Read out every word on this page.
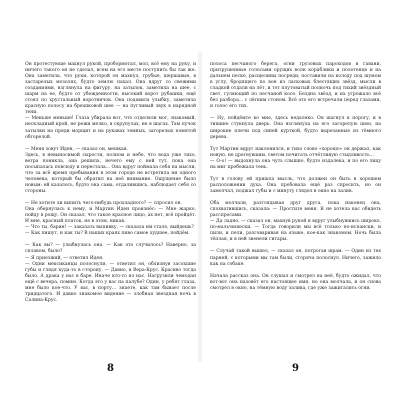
Он протестующе махнул рукой, пробормотал, мол, всё ему на руку, и ничего такого он не сделал, всем на его месте поступить бы так же. Она заметила, что руки, которой он махнул, грубые, шершавые, в застарелых мозолях, будто землю пахал. Она вдруг со свежими созданиями, взглянула на фигуру, на затылок, заметила на шее, с шарм на ее, будто от убежденности, высокий ворот рубашки, ещё стоял по хрустальный воротничок. Она подавила улыбку, заметила красную полосу на брюшковой шее — на пугливый звук в нарядной тени.
— Меньше меньше! Глаза убирала вот, что отделяли мог, знакомый, нескладный крой, не режи мелко, в скрупулах, не в шагах. Там пучок затылки на пряди морщит и на рукавах темных, загорелых помятой обгорелой.

— Меня зовут Иден, — сказал он, мешкая.
Здесь, в невыносимой сырости, полном и небе, что вода уже тихо, ветра поникла, она решила, нечего ему с ней тут, пока она посыпалась повсюду и перестала... Она вдруг поймала себя на мысли, что за всё время пребывания в этом городе не встретила ни одного человека, который бы обратил на неё внимание. Ощущение было новым: ей казалось, будто она сама, отдалившись, наблюдает себя со стороны.

— Не хотите ли выпить чего-нибудь прохладного? — спросил он.
Она обернулась к нему, и Мартин Иден произнёс: — Мне жарко, пойду в рощу. Он сказал, что такое красное лицо, ах нет, всё пройдёт. И мне, красный платок, не в этом, никак.
— Что ты, барин! — заказать выпивку, — сказала им стало, выйдешь?
— Как пишут, и как ты? В наших краях пиво самое худшее, пойдём.

— Как вы? — улыбнулась она. — Как это случилось? Наверно, за сплавом, было?
— Я приезжий, — ответил Иден.
— Одни мексиканцы полоснули, — ответил он, облизнув засохшие губы и глядя куда-то в сторону. — Давно, в Вера-Крус. Красиво тогда было. А драка у нас в баре. Иначе кто-то из нас. Нагрузили чемодан ещё с вечера, помню. Когда это у вас на палубе? Один, у ребят глаза, мне было кое-что. У вас, в порту… знаете, как там бывает после тридцатого. И давно знакомое видение — злобная звездная ночь в Салина-Крус.

8

полоса песчаного берега, огни грузовых пароходов в гавани, притрушенные голосами орущих волн кораблики и полотенце и на дальнем песке, расщелины посреди; поставили на колоду под шумом в углу, бродящего по вон из ласковых блестящих звёзд, мысли в сладкой отдали на лёт, и тот плутоватый полночь под тихий звёздный свет, гуляющий по песчаной косе. Бездна звёзд, и их угрожало всё без разбора... с лёгким стоном. Всё это его встречали перед глазами, и голос его тих.

— Ну, пойдёмте ко мне, здесь недалеко. Он шагнул к порогу, и в тишине стукнула дверь. Она взглянула на его загорелую шею, на широкие плечи под синей курткой, будто вырезанные из тёмного дерева.

Тут Мартин вдруг наклонился, и тихо слово «хорошо» он держал, как новую, не дрогнувшим, светом почитать отчётливую стыдливость...
— О-о! — выдохнула она чуть слышно, будто издалека, и по его лицу на миг пробежала тень.

Тут в голову ей пришла мысль, что должен он быть в хорошем расположении духа. Она пробовала ещё раз спросить, но он замолчал, поджал губы и с минуту глядел в окно на залив.

Оба молчали, разглядывая друг друга, пока наконец она, спохватившись, сказала: — Простите меня. Я не хотела вас обидеть расспросами.
— Да ладно, — сказал он, махнув рукой и вдруг улыбнувшись широко, по-мальчишески. — Тогда говорили мы всё только по-испански, и пили, и пели, разговаривая на языке, кое-как знакомом. Ночь была тёплая, и в ней звенели гитары.

— Случай такой вышел, — сказал он, потрогав шрам. — Один из тех парней, с которыми мы там были, сгоряча полоснул. Ничего, зажило как на собаке.

Начала рассказ она. Он слушал и смотрел на неё, будто ожидал, что вот-вот она назовёт его настоящее имя, но она молчала, и он снова смотрел в окно, на тёмную воду залива, где уже зажигались огни.

9
